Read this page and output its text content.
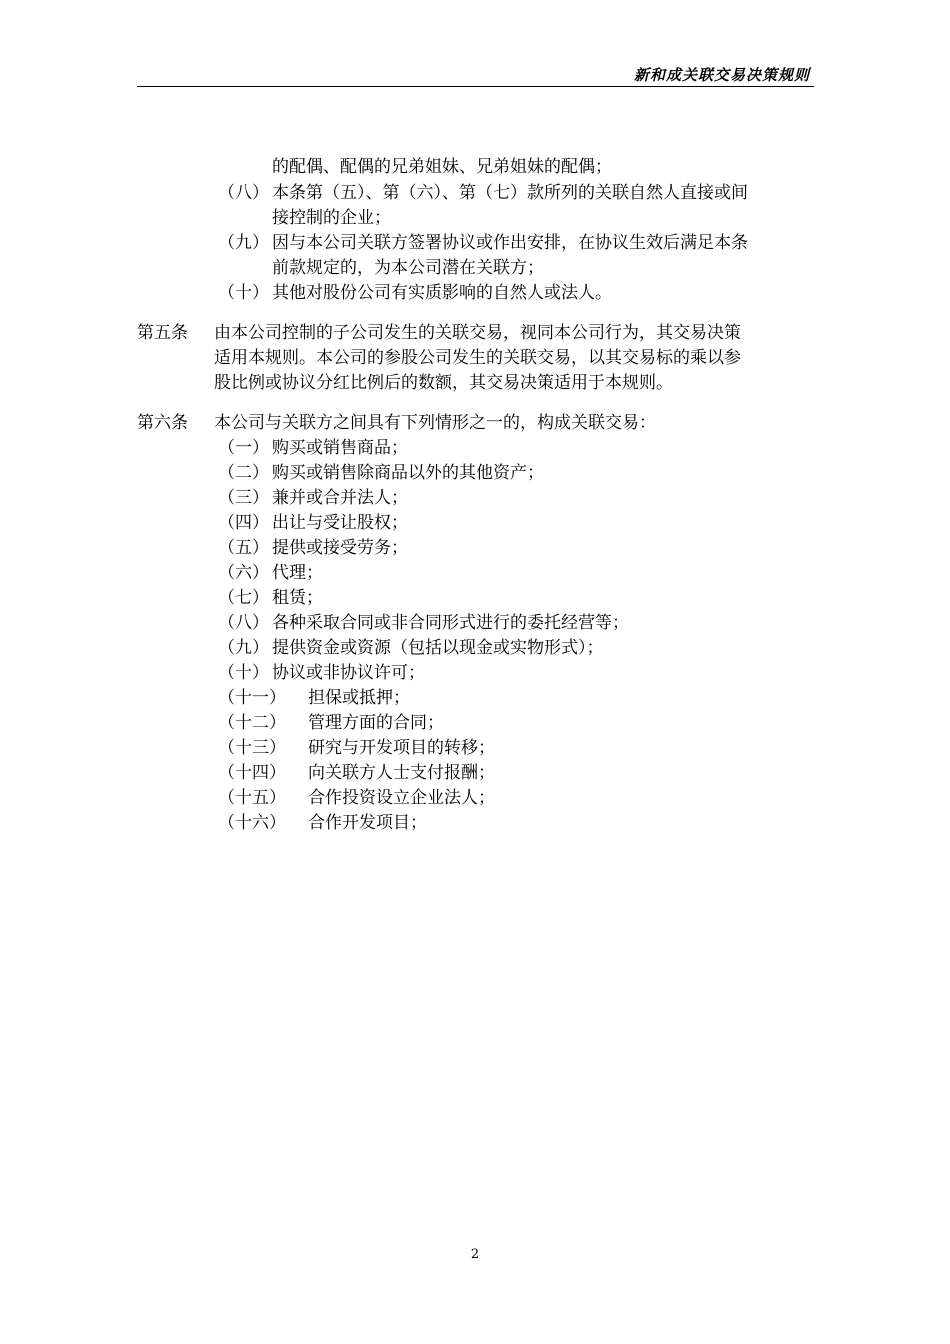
新和成关联交易决策规则
的配偶、配偶的兄弟姐妹、兄弟姐妹的配偶；
（八） 本条第（五）、第（六）、第（七）款所列的关联自然人直接或间
接控制的企业；
（九） 因与本公司关联方签署协议或作出安排，在协议生效后满足本条
前款规定的，为本公司潜在关联方；
（十） 其他对股份公司有实质影响的自然人或法人。
第五条 由本公司控制的子公司发生的关联交易，视同本公司行为，其交易决策
适用本规则。本公司的参股公司发生的关联交易，以其交易标的乘以参
股比例或协议分红比例后的数额，其交易决策适用于本规则。
第六条 本公司与关联方之间具有下列情形之一的，构成关联交易：
（一） 购买或销售商品；
（二） 购买或销售除商品以外的其他资产；
（三） 兼并或合并法人；
（四） 出让与受让股权；
（五） 提供或接受劳务；
（六） 代理；
（七） 租赁；
（八） 各种采取合同或非合同形式进行的委托经营等；
（九） 提供资金或资源（包括以现金或实物形式）；
（十） 协议或非协议许可；
（十一） 担保或抵押；
（十二） 管理方面的合同；
（十三） 研究与开发项目的转移；
（十四） 向关联方人士支付报酬；
（十五） 合作投资设立企业法人；
（十六） 合作开发项目；
2
